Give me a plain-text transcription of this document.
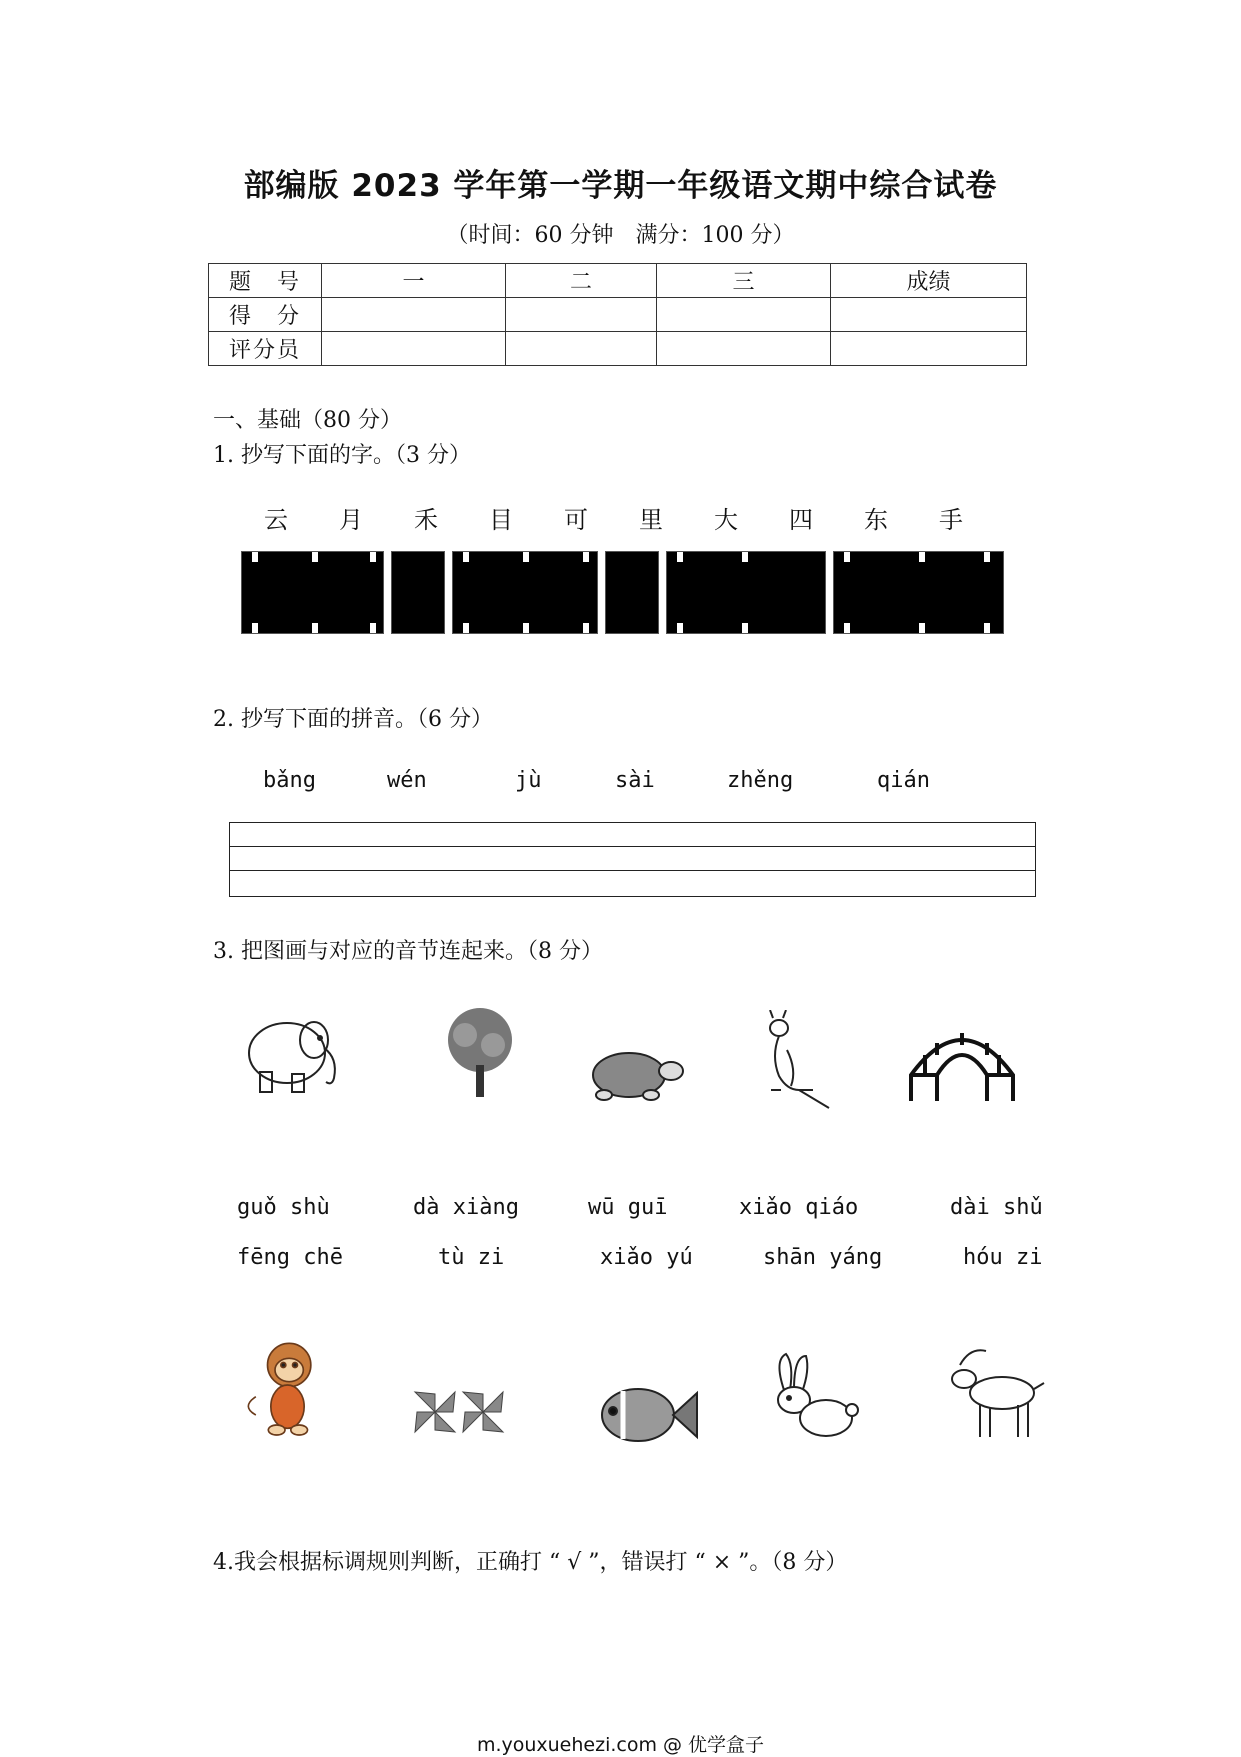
部编版 2023 学年第一学期一年级语文期中综合试卷
（时间：60 分钟　满分：100 分）
题　号	一	二	三	成绩
得　分				
评分员				
一、基础（80 分）
1. 抄写下面的字。（3 分）
云	月	禾	目	可	里	大	四	东	手
2. 抄写下面的拼音。（6 分）
bǎng	wén	jù	sài	zhěng	qián
3. 把图画与对应的音节连起来。（8 分）
guǒ shù	dà xiàng	wū guī	xiǎo qiáo	dài shǔ
fēng chē	tù zi	xiǎo yú	shān yáng	hóu zi
4.我会根据标调规则判断，正确打 “ √ ”，错误打 “ × ”。（8 分）
m.youxuehezi.com @ 优学盒子
